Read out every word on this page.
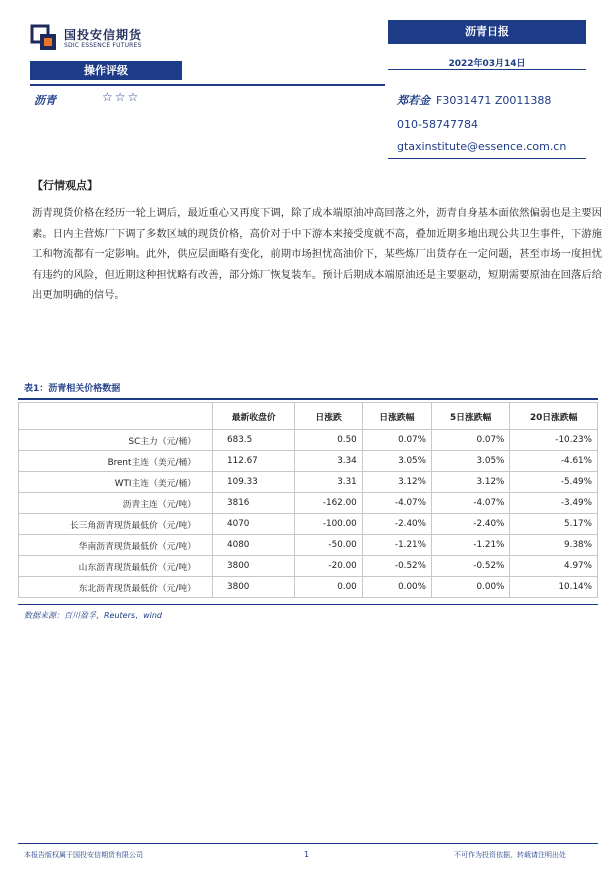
国投安信期货
SDIC ESSENCE FUTURES
沥青日报
2022年03月14日
操作评级
沥青	☆☆☆	郑若金 F3031471 Z0011388
010-58747784
gtaxinstitute@essence.com.cn
【行情观点】
沥青现货价格在经历一轮上调后，最近重心又再度下调，除了成本端原油冲高回落之外，沥青自身基本面依然偏弱也是主要因素。日内主营炼厂下调了多数区域的现货价格，高价对于中下游本来接受度就不高，叠加近期多地出现公共卫生事件，下游施工和物流都有一定影响。此外，供应层面略有变化，前期市场担忧高油价下，某些炼厂出货存在一定问题，甚至市场一度担忧有违约的风险，但近期这种担忧略有改善，部分炼厂恢复装车。预计后期成本端原油还是主要驱动，短期需要原油在回落后给出更加明确的信号。
表1：沥青相关价格数据
	最新收盘价	日涨跌	日涨跌幅	5日涨跌幅	20日涨跌幅
SC主力（元/桶）	683.5	0.50	0.07%	0.07%	-10.23%
Brent主连（美元/桶）	112.67	3.34	3.05%	3.05%	-4.61%
WTI主连（美元/桶）	109.33	3.31	3.12%	3.12%	-5.49%
沥青主连（元/吨）	3816	-162.00	-4.07%	-4.07%	-3.49%
长三角沥青现货最低价（元/吨）	4070	-100.00	-2.40%	-2.40%	5.17%
华南沥青现货最低价（元/吨）	4080	-50.00	-1.21%	-1.21%	9.38%
山东沥青现货最低价（元/吨）	3800	-20.00	-0.52%	-0.52%	4.97%
东北沥青现货最低价（元/吨）	3800	0.00	0.00%	0.00%	10.14%
数据来源：百川盈孚，Reuters，wind
本报告版权属于国投安信期货有限公司	1	不可作为投资依据，转载请注明出处
